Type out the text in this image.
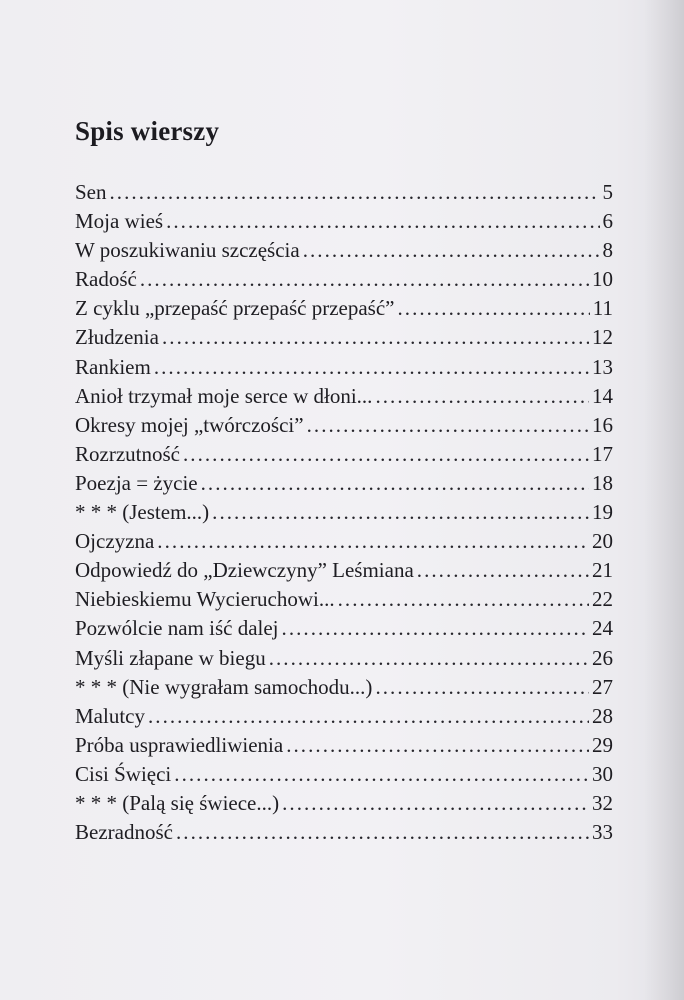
Spis wierszy
Sen . . .	5
Moja wieś . . .	6
W poszukiwaniu szczęścia . . .	8
Radość . . .	10
Z cyklu „przepaść przepaść przepaść” . . .	11
Złudzenia . . .	12
Rankiem . . .	13
Anioł trzymał moje serce w dłoni... . . .	14
Okresy mojej „twórczości” . . .	16
Rozrzutność . . .	17
Poezja = życie . . .	18
* * * (Jestem...) . . .	19
Ojczyzna . . .	20
Odpowiedź do „Dziewczyny” Leśmiana . . .	21
Niebieskiemu Wycieruchowi... . . .	22
Pozwólcie nam iść dalej . . .	24
Myśli złapane w biegu . . .	26
* * * (Nie wygrałam samochodu...) . . .	27
Malutcy . . .	28
Próba usprawiedliwienia . . .	29
Cisi Święci . . .	30
* * * (Palą się świece...) . . .	32
Bezradność . . .	33
